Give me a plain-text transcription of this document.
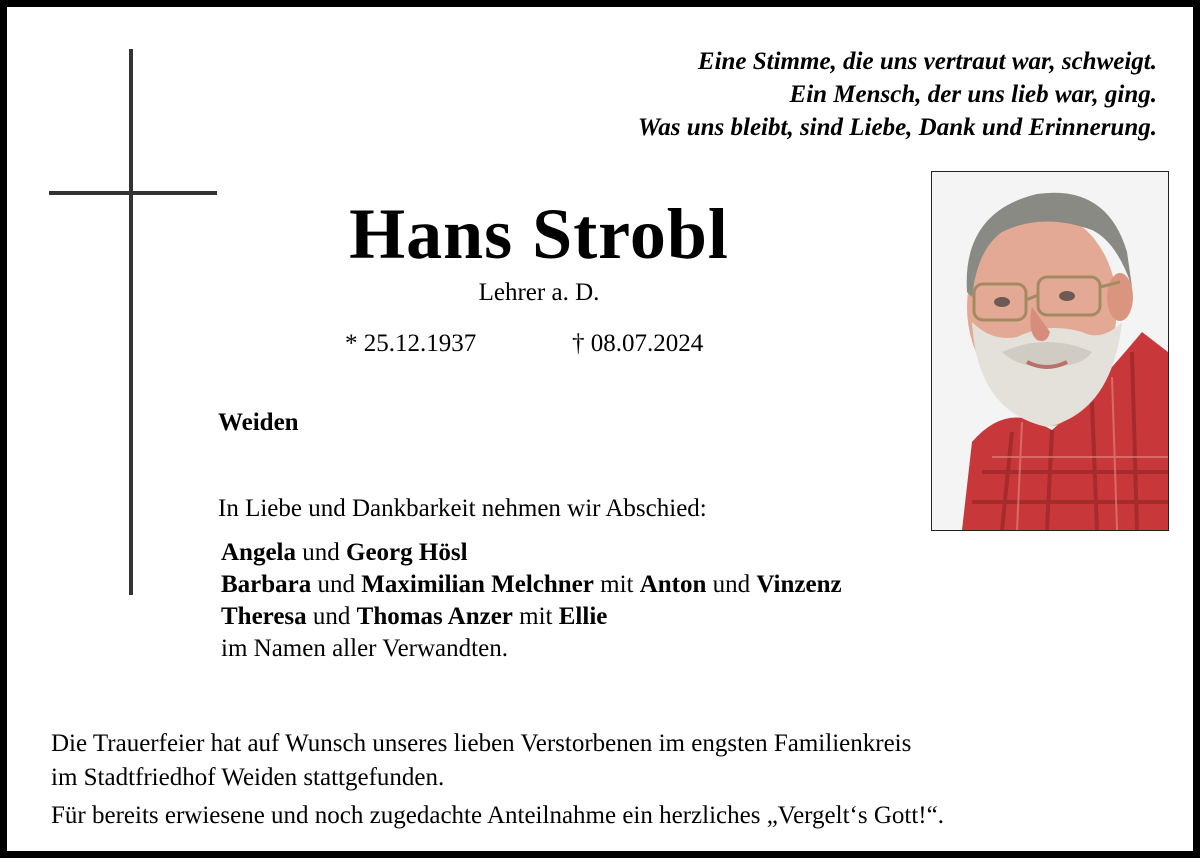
Eine Stimme, die uns vertraut war, schweigt.
Ein Mensch, der uns lieb war, ging.
Was uns bleibt, sind Liebe, Dank und Erinnerung.
Hans Strobl
Lehrer a. D.
* 25.12.1937	† 08.07.2024
Weiden
In Liebe und Dankbarkeit nehmen wir Abschied:
Angela und Georg Hösl
Barbara und Maximilian Melchner mit Anton und Vinzenz
Theresa und Thomas Anzer mit Ellie
im Namen aller Verwandten.
Die Trauerfeier hat auf Wunsch unseres lieben Verstorbenen im engsten Familienkreis
im Stadtfriedhof Weiden stattgefunden.
Für bereits erwiesene und noch zugedachte Anteilnahme ein herzliches „Vergelt‘s Gott!“.
